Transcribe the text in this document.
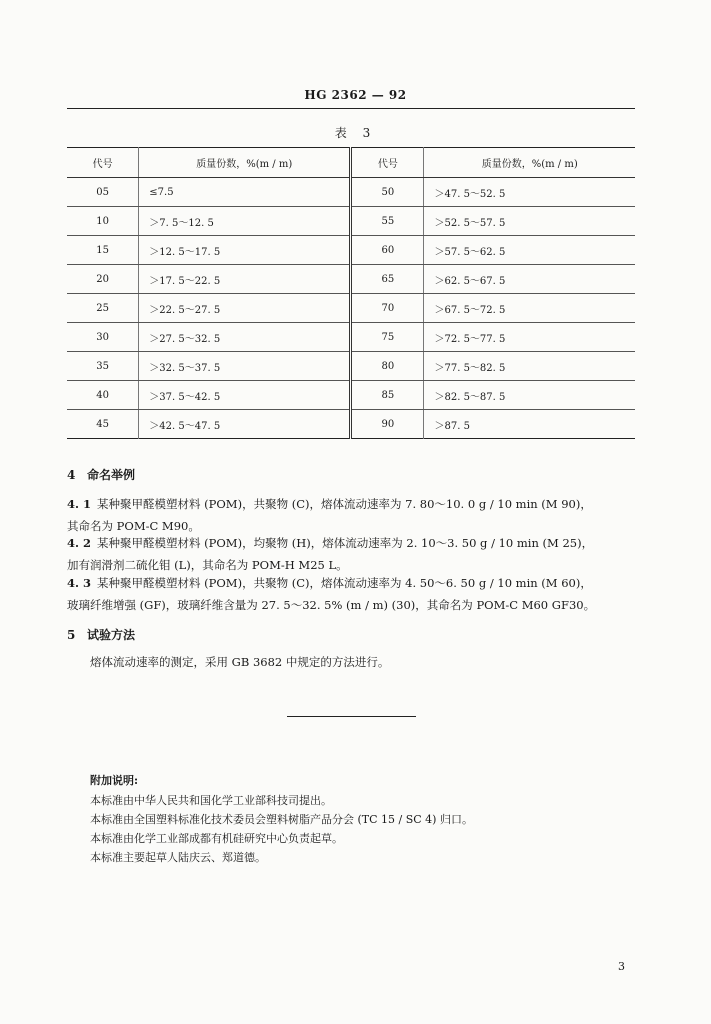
HG 2362 — 92
表 3
代号	质量份数，%(m / m)	代号	质量份数，%(m / m)
05	≤7.5	50	＞47. 5～52. 5
10	＞7. 5～12. 5	55	＞52. 5～57. 5
15	＞12. 5～17. 5	60	＞57. 5～62. 5
20	＞17. 5～22. 5	65	＞62. 5～67. 5
25	＞22. 5～27. 5	70	＞67. 5～72. 5
30	＞27. 5～32. 5	75	＞72. 5～77. 5
35	＞32. 5～37. 5	80	＞77. 5～82. 5
40	＞37. 5～42. 5	85	＞82. 5～87. 5
45	＞42. 5～47. 5	90	＞87. 5
4 命名举例
4. 1 某种聚甲醛模塑材料 (POM)，共聚物 (C)，熔体流动速率为 7. 80～10. 0 g / 10 min (M 90)，
其命名为 POM-C M90。
4. 2 某种聚甲醛模塑材料 (POM)，均聚物 (H)，熔体流动速率为 2. 10～3. 50 g / 10 min (M 25)，
加有润滑剂二硫化钼 (L)，其命名为 POM-H M25 L。
4. 3 某种聚甲醛模塑材料 (POM)，共聚物 (C)，熔体流动速率为 4. 50～6. 50 g / 10 min (M 60)，
玻璃纤维增强 (GF)，玻璃纤维含量为 27. 5～32. 5% (m / m) (30)，其命名为 POM-C M60 GF30。
5 试验方法
熔体流动速率的测定，采用 GB 3682 中规定的方法进行。
附加说明:
本标准由中华人民共和国化学工业部科技司提出。
本标准由全国塑料标准化技术委员会塑料树脂产品分会 (TC 15 / SC 4) 归口。
本标准由化学工业部成都有机硅研究中心负责起草。
本标准主要起草人陆庆云、郑道德。
3
